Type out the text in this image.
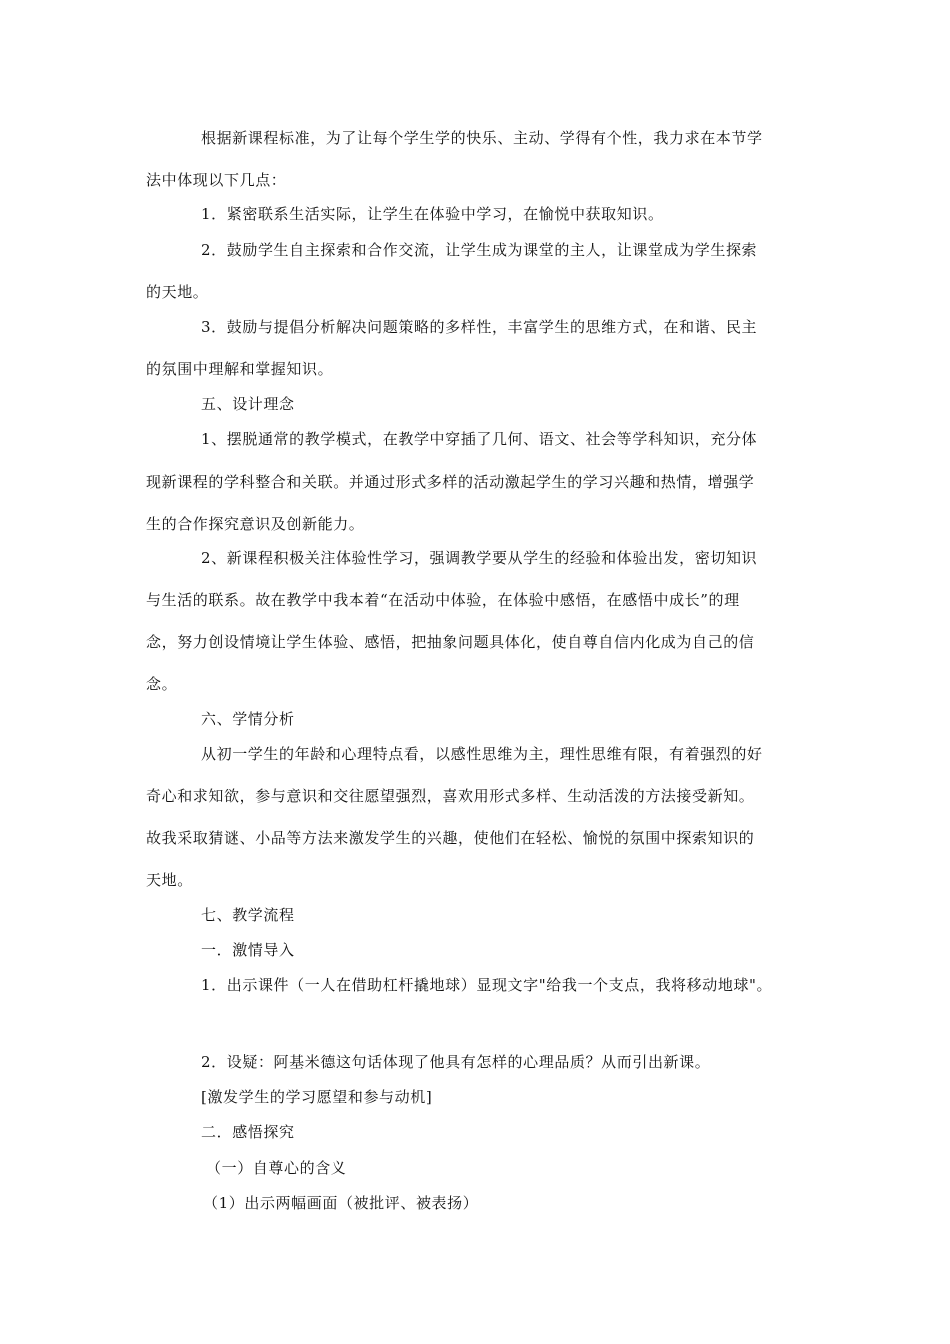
根据新课程标准，为了让每个学生学的快乐、主动、学得有个性，我力求在本节学
法中体现以下几点：
1．紧密联系生活实际，让学生在体验中学习，在愉悦中获取知识。
2．鼓励学生自主探索和合作交流，让学生成为课堂的主人，让课堂成为学生探索
的天地。
3．鼓励与提倡分析解决问题策略的多样性，丰富学生的思维方式，在和谐、民主
的氛围中理解和掌握知识。
五、设计理念
1、摆脱通常的教学模式，在教学中穿插了几何、语文、社会等学科知识，充分体
现新课程的学科整合和关联。并通过形式多样的活动激起学生的学习兴趣和热情，增强学
生的合作探究意识及创新能力。
2、新课程积极关注体验性学习，强调教学要从学生的经验和体验出发，密切知识
与生活的联系。故在教学中我本着“在活动中体验，在体验中感悟，在感悟中成长”的理
念，努力创设情境让学生体验、感悟，把抽象问题具体化，使自尊自信内化成为自己的信
念。
六、学情分析
从初一学生的年龄和心理特点看，以感性思维为主，理性思维有限，有着强烈的好
奇心和求知欲，参与意识和交往愿望强烈，喜欢用形式多样、生动活泼的方法接受新知。
故我采取猜谜、小品等方法来激发学生的兴趣，使他们在轻松、愉悦的氛围中探索知识的
天地。
七、教学流程
一．激情导入
1．出示课件（一人在借助杠杆撬地球）显现文字"给我一个支点，我将移动地球"。
2．设疑：阿基米德这句话体现了他具有怎样的心理品质？从而引出新课。
[激发学生的学习愿望和参与动机]
二．感悟探究
（一）自尊心的含义
（1）出示两幅画面（被批评、被表扬）
